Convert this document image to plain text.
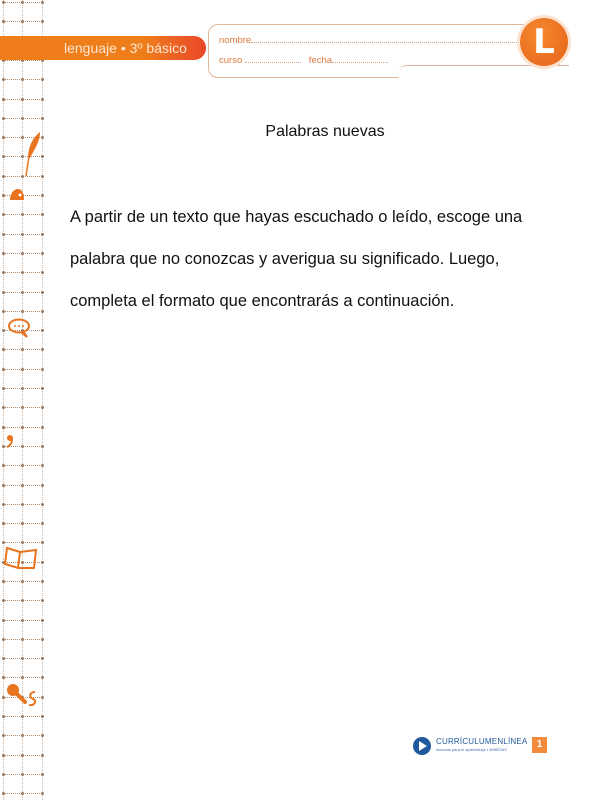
lenguaje • 3º básico	nombre
curso	fecha	L
Palabras nuevas
A partir de un texto que hayas escuchado o leído, escoge una
palabra que no conozcas y averigua su significado. Luego,
completa el formato que encontrarás a continuación.
CURRÍCULUMENLÍNEA
recursos para el aprendizaje • MINEDUC	1
